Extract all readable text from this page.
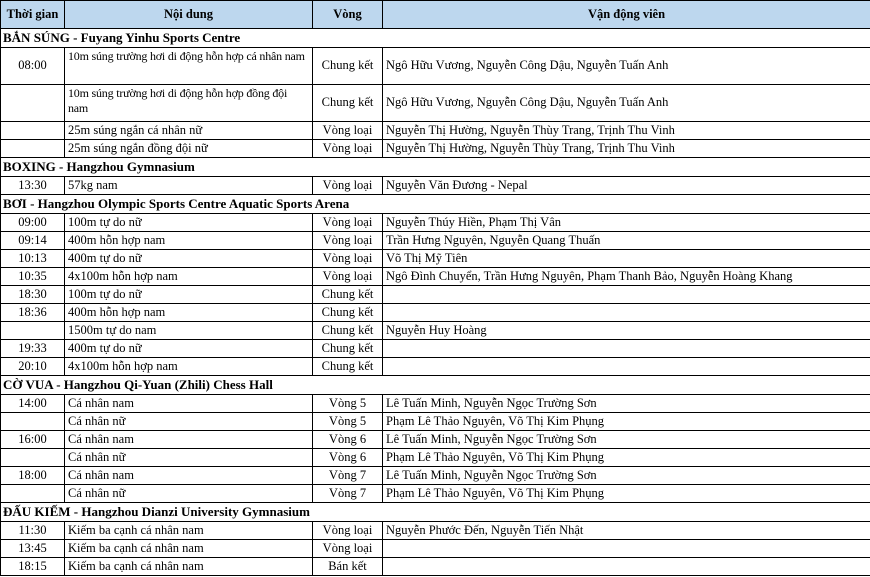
Thời gian	Nội dung	Vòng	Vận động viên
BẮN SÚNG - Fuyang Yinhu Sports Centre			
08:00	10m súng trường hơi di động hỗn hợp cá nhân nam	Chung kết	Ngô Hữu Vương, Nguyễn Công Dậu, Nguyễn Tuấn Anh
	10m súng trường hơi di động hỗn hợp đồng đội nam	Chung kết	Ngô Hữu Vương, Nguyễn Công Dậu, Nguyễn Tuấn Anh
	25m súng ngắn cá nhân nữ	Vòng loại	Nguyễn Thị Hường, Nguyễn Thùy Trang, Trịnh Thu Vinh
	25m súng ngắn đồng đội nữ	Vòng loại	Nguyễn Thị Hường, Nguyễn Thùy Trang, Trịnh Thu Vinh
BOXING - Hangzhou Gymnasium			
13:30	57kg nam	Vòng loại	Nguyễn Văn Đương - Nepal
BƠI - Hangzhou Olympic Sports Centre Aquatic Sports Arena			
09:00	100m tự do nữ	Vòng loại	Nguyễn Thúy Hiền, Phạm Thị Vân
09:14	400m hỗn hợp nam	Vòng loại	Trần Hưng Nguyên, Nguyễn Quang Thuấn
10:13	400m tự do nữ	Vòng loại	Võ Thị Mỹ Tiên
10:35	4x100m hỗn hợp nam	Vòng loại	Ngô Đình Chuyển, Trần Hưng Nguyên, Phạm Thanh Bảo, Nguyễn Hoàng Khang
18:30	100m tự do nữ	Chung kết	
18:36	400m hỗn hợp nam	Chung kết	
	1500m tự do nam	Chung kết	Nguyễn Huy Hoàng
19:33	400m tự do nữ	Chung kết	
20:10	4x100m hỗn hợp nam	Chung kết	
CỜ VUA - Hangzhou Qi-Yuan (Zhili) Chess Hall			
14:00	Cá nhân nam	Vòng 5	Lê Tuấn Minh, Nguyễn Ngọc Trường Sơn
	Cá nhân nữ	Vòng 5	Phạm Lê Thảo Nguyên, Võ Thị Kim Phụng
16:00	Cá nhân nam	Vòng 6	Lê Tuấn Minh, Nguyễn Ngọc Trường Sơn
	Cá nhân nữ	Vòng 6	Phạm Lê Thảo Nguyên, Võ Thị Kim Phụng
18:00	Cá nhân nam	Vòng 7	Lê Tuấn Minh, Nguyễn Ngọc Trường Sơn
	Cá nhân nữ	Vòng 7	Phạm Lê Thảo Nguyên, Võ Thị Kim Phụng
ĐẤU KIẾM - Hangzhou Dianzi University Gymnasium			
11:30	Kiếm ba cạnh cá nhân nam	Vòng loại	Nguyễn Phước Đến, Nguyễn Tiến Nhật
13:45	Kiếm ba cạnh cá nhân nam	Vòng loại	
18:15	Kiếm ba cạnh cá nhân nam	Bán kết	
